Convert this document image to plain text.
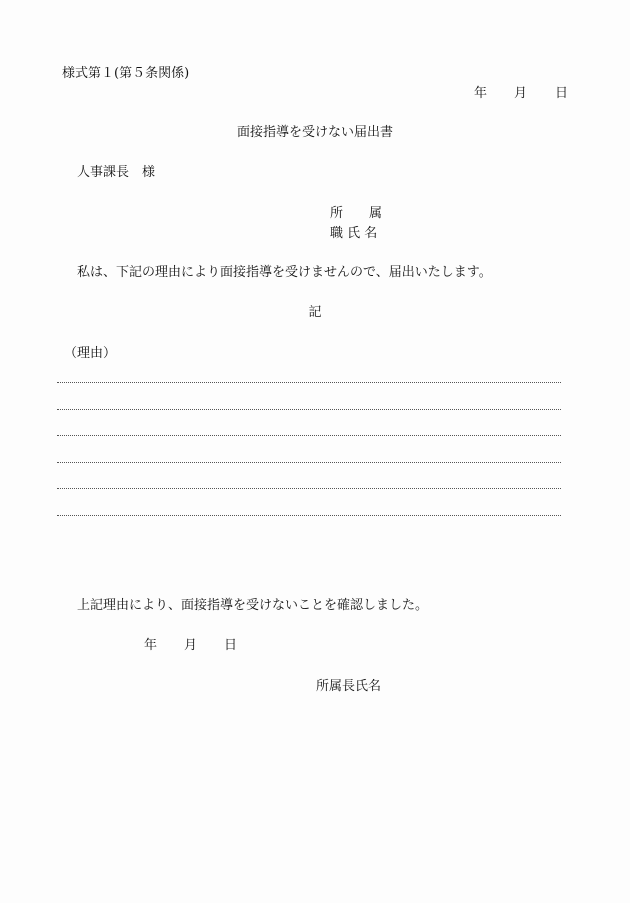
様式第１(第５条関係)
年 月 日
面接指導を受けない届出書
人事課長　様
所　　属
職 氏 名
私は、下記の理由により面接指導を受けませんので、届出いたします。
記
（理由）
上記理由により、面接指導を受けないことを確認しました。
年 月 日
所属長氏名
